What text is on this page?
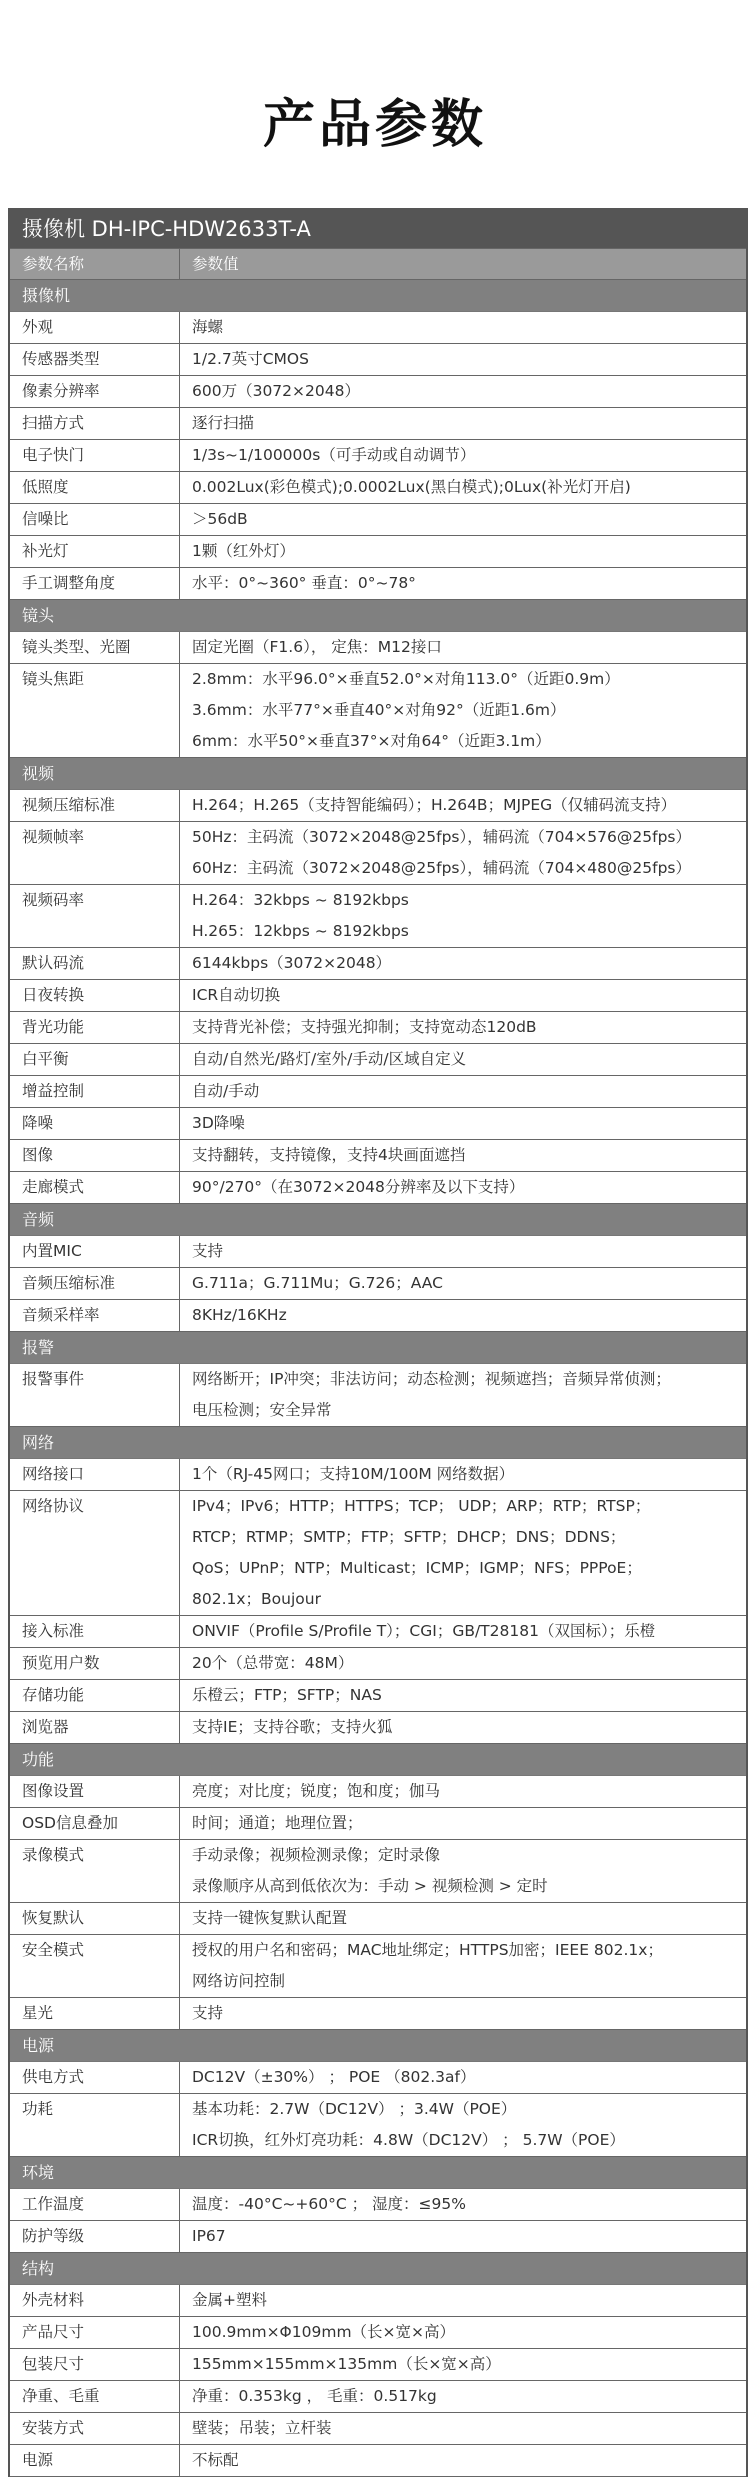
产品参数
摄像机 DH-IPC-HDW2633T-A
参数名称	参数值
摄像机
外观	海螺
传感器类型	1/2.7英寸CMOS
像素分辨率	600万（3072×2048）
扫描方式	逐行扫描
电子快门	1/3s~1/100000s（可手动或自动调节）
低照度	0.002Lux(彩色模式);0.0002Lux(黑白模式);0Lux(补光灯开启)
信噪比	＞56dB
补光灯	1颗（红外灯）
手工调整角度	水平：0°~360° 垂直：0°~78°
镜头
镜头类型、光圈	固定光圈（F1.6）， 定焦：M12接口
镜头焦距	2.8mm：水平96.0°×垂直52.0°×对角113.0°（近距0.9m）
3.6mm：水平77°×垂直40°×对角92°（近距1.6m）
6mm：水平50°×垂直37°×对角64°（近距3.1m）
视频
视频压缩标准	H.264；H.265（支持智能编码）；H.264B；MJPEG（仅辅码流支持）
视频帧率	50Hz：主码流（3072×2048@25fps），辅码流（704×576@25fps）
60Hz：主码流（3072×2048@25fps），辅码流（704×480@25fps）
视频码率	H.264：32kbps ~ 8192kbps
H.265：12kbps ~ 8192kbps
默认码流	6144kbps（3072×2048）
日夜转换	ICR自动切换
背光功能	支持背光补偿；支持强光抑制；支持宽动态120dB
白平衡	自动/自然光/路灯/室外/手动/区域自定义
增益控制	自动/手动
降噪	3D降噪
图像	支持翻转，支持镜像，支持4块画面遮挡
走廊模式	90°/270°（在3072×2048分辨率及以下支持）
音频
内置MIC	支持
音频压缩标准	G.711a；G.711Mu；G.726；AAC
音频采样率	8KHz/16KHz
报警
报警事件	网络断开；IP冲突；非法访问；动态检测；视频遮挡；音频异常侦测；
电压检测；安全异常
网络
网络接口	1个（RJ-45网口；支持10M/100M 网络数据）
网络协议	IPv4；IPv6；HTTP；HTTPS；TCP； UDP；ARP；RTP；RTSP；
RTCP；RTMP；SMTP；FTP；SFTP；DHCP；DNS；DDNS；
QoS；UPnP；NTP；Multicast；ICMP；IGMP；NFS；PPPoE；
802.1x；Boujour
接入标准	ONVIF（Profile S/Profile T）；CGI；GB/T28181（双国标）；乐橙
预览用户数	20个（总带宽：48M）
存储功能	乐橙云；FTP；SFTP；NAS
浏览器	支持IE；支持谷歌；支持火狐
功能
图像设置	亮度；对比度；锐度；饱和度；伽马
OSD信息叠加	时间；通道；地理位置；
录像模式	手动录像；视频检测录像；定时录像
录像顺序从高到低依次为：手动 > 视频检测 > 定时
恢复默认	支持一键恢复默认配置
安全模式	授权的用户名和密码；MAC地址绑定；HTTPS加密；IEEE 802.1x；
网络访问控制
星光	支持
电源
供电方式	DC12V（±30%） ； POE （802.3af）
功耗	基本功耗：2.7W（DC12V） ；3.4W（POE）
ICR切换，红外灯亮功耗：4.8W（DC12V） ； 5.7W（POE）
环境
工作温度	温度：-40°C~+60°C ； 湿度：≤95%
防护等级	IP67
结构
外壳材料	金属+塑料
产品尺寸	100.9mm×Φ109mm（长×宽×高）
包装尺寸	155mm×155mm×135mm（长×宽×高）
净重、毛重	净重：0.353kg ， 毛重：0.517kg
安装方式	壁装；吊装；立杆装
电源	不标配
